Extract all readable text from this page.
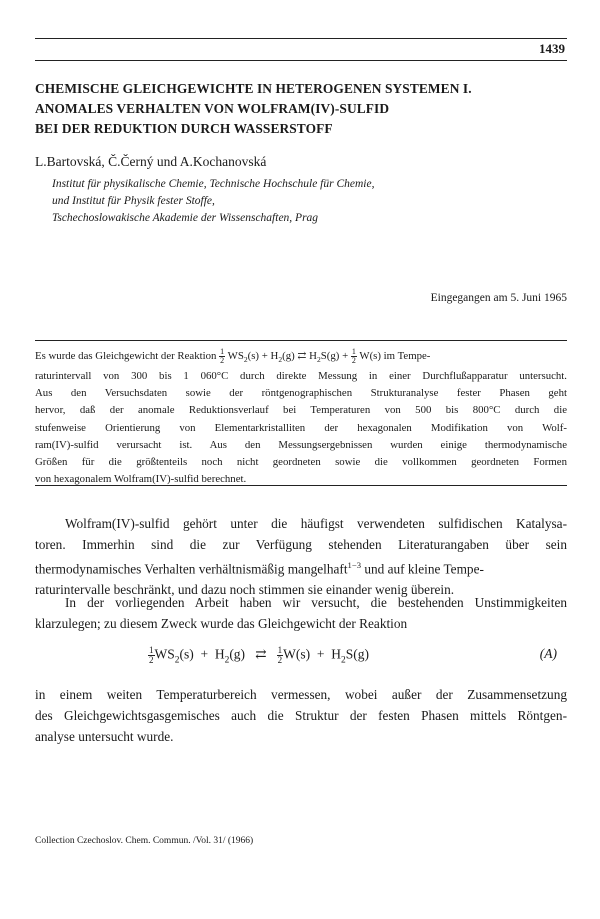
1439
CHEMISCHE GLEICHGEWICHTE IN HETEROGENEN SYSTEMEN I.
ANOMALES VERHALTEN VON WOLFRAM(IV)-SULFID
BEI DER REDUKTION DURCH WASSERSTOFF
L.Bartovská, Č.Černý und A.Kochanovská
Institut für physikalische Chemie, Technische Hochschule für Chemie,
und Institut für Physik fester Stoffe,
Tschechoslowakische Akademie der Wissenschaften, Prag
Eingegangen am 5. Juni 1965
Es wurde das Gleichgewicht der Reaktion $\frac{1}{2} WS_2(s) + H_2(g)$ ⇄ $H_2S(g) + \frac{1}{2} W(s)$ im Tempe-
raturintervall von 300 bis 1 060°C durch direkte Messung in einer Durchflußapparatur untersucht.
Aus den Versuchsdaten sowie der röntgenographischen Strukturanalyse fester Phasen geht
hervor, daß der anomale Reduktionsverlauf bei Temperaturen von 500 bis 800°C durch die
stufenweise Orientierung von Elementarkristalliten der hexagonalen Modifikation von Wolf-
ram(IV)-sulfid verursacht ist. Aus den Messungsergebnissen wurden einige thermodynamische
Größen für die größtenteils noch nicht geordneten sowie die vollkommen geordneten Formen
von hexagonalem Wolfram(IV)-sulfid berechnet.
Wolfram(IV)-sulfid gehört unter die häufigst verwendeten sulfidischen Katalysa-
toren. Immerhin sind die zur Verfügung stehenden Literaturangaben über sein
thermodynamisches Verhalten verhältnismäßig mangelhaft$^{1-3}$ und auf kleine Tempe-
raturintervalle beschränkt, und dazu noch stimmen sie einander wenig überein.
In der vorliegenden Arbeit haben wir versucht, die bestehenden Unstimmigkeiten
klarzulegen; zu diesem Zweck wurde das Gleichgewicht der Reaktion
$\frac{1}{2}WS_2(s) + H_2(g)$ ⇄ $\frac{1}{2}W(s) + H_2S(g)$	(A)
in einem weiten Temperaturbereich vermessen, wobei außer der Zusammensetzung
des Gleichgewichtsgasgemisches auch die Struktur der festen Phasen mittels Röntgen-
analyse untersucht wurde.
Collection Czechoslov. Chem. Commun. /Vol. 31/ (1966)
